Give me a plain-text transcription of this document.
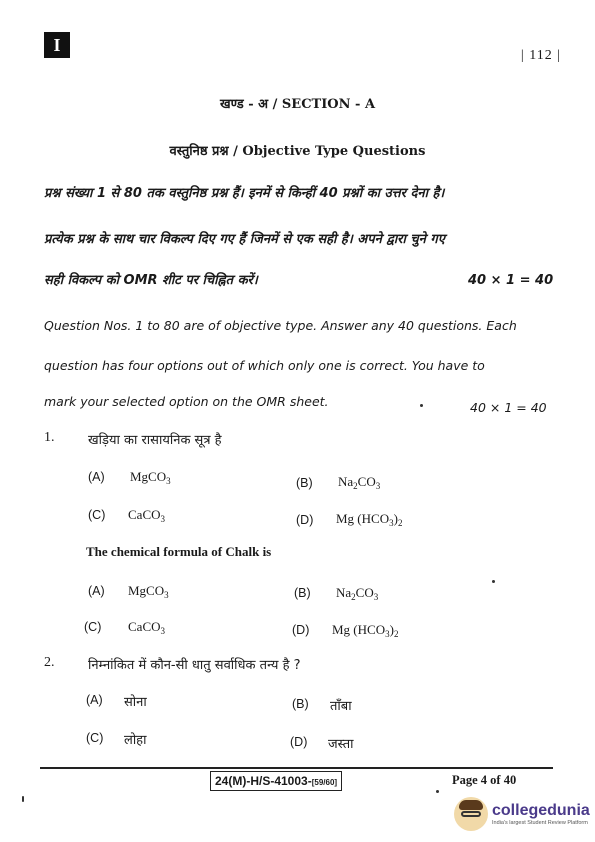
I
| 112 |
खण्ड - अ / SECTION - A
वस्तुनिष्ठ प्रश्न / Objective Type Questions
प्रश्न संख्या 1 से 80 तक वस्तुनिष्ठ प्रश्न हैं। इनमें से किन्हीं 40 प्रश्नों का उत्तर देना है।
प्रत्येक प्रश्न के साथ चार विकल्प दिए गए हैं जिनमें से एक सही है। अपने द्वारा चुने गए
सही विकल्प को OMR शीट पर चिह्नित करें।	40 × 1 = 40
Question Nos. 1 to 80 are of objective type. Answer any 40 questions. Each
question has four options out of which only one is correct. You have to
mark your selected option on the OMR sheet.	40 × 1 = 40
1.	खड़िया का रासायनिक सूत्र है
(A) MgCO$_3$	(B) $Na_2CO_3$
(C) CaCO$_3$	(D) Mg $(HCO_3)_2$
The chemical formula of Chalk is
(A) MgCO$_3$	(B) $Na_2CO_3$
(C) CaCO$_3$	(D) Mg $(HCO_3)_2$
2.	निम्नांकित में कौन-सी धातु सर्वाधिक तन्य है ?
(A) सोना	(B) ताँबा
(C) लोहा	(D) जस्ता
24(M)-H/S-41003-[59/60]	Page 4 of 40
collegedunia
India's largest Student Review Platform
